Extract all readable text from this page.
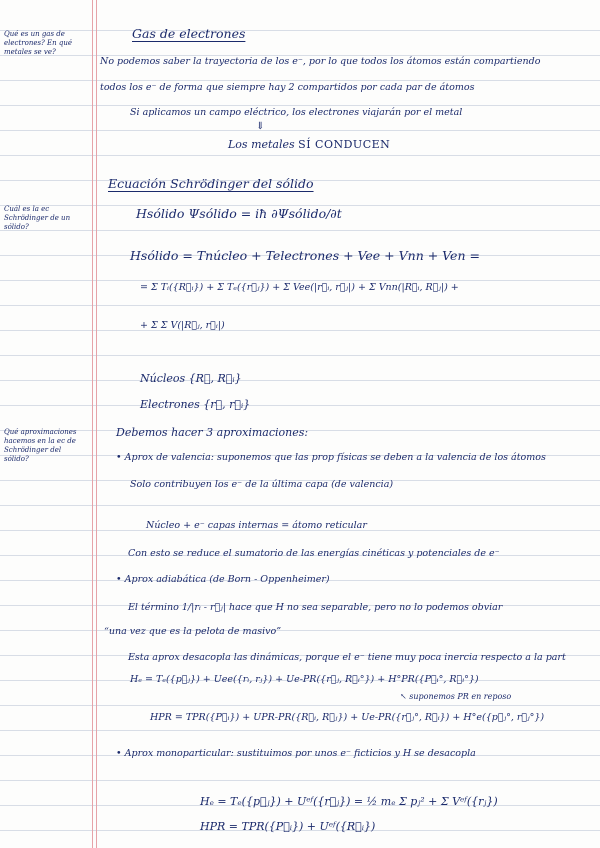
Qué es un gas de electrones? En qué metales se ve?
Cuál es la ec Schrödinger de un sólido?
Qué aproximaciones hacemos en la ec de Schrödinger del sólido?
Gas de electrones
No podemos saber la trayectoria de los e⁻, por lo que todos los átomos están compartiendo
todos los e⁻ de forma que siempre hay 2 compartidos por cada par de átomos
Si aplicamos un campo eléctrico, los electrones viajarán por el metal
⇓
Los metales SÍ CONDUCEN
Ecuación Schrödinger del sólido
Hsólido Ψsólido = iħ ∂Ψsólido/∂t
Hsólido = Tnúcleo + Telectrones + Vee + Vnn + Ven =
= Σ Tᵢ({R⃗ᵢ}) + Σ Tₑ({r⃗ⱼ}) + Σ Vee(|r⃗ᵢ, r⃗ⱼ|) + Σ Vnn(|R⃗ᵢ, R⃗ⱼ|) +
+ Σ Σ V(|R⃗ⱼ, r⃗ᵢ|)
Núcleos {R⃗, R⃗ᵢ}
Electrones {r⃗, r⃗ᵢ}
Debemos hacer 3 aproximaciones:
• Aprox de valencia: suponemos que las prop físicas se deben a la valencia de los átomos
Solo contribuyen los e⁻ de la última capa (de valencia)
Núcleo + e⁻ capas internas = átomo reticular
Con esto se reduce el sumatorio de las energías cinéticas y potenciales de e⁻
• Aprox adiabática (de Born - Oppenheimer)
El término 1/|rᵢ - r⃗ⱼ| hace que H no sea separable, pero no lo podemos obviar
“una vez que es la pelota de masivo”
Esta aprox desacopla las dinámicas, porque el e⁻ tiene muy poca inercia respecto a la part
Hₑ = Tₑ({p⃗ⱼ}) + Uee({rᵢ, rⱼ}) + Ue-PR({r⃗ⱼ, R⃗ᵢ°}) + H°PR({P⃗ᵢ°, R⃗ᵢ°})
↖ suponemos PR en reposo
HPR = TPR({P⃗ᵢ}) + UPR-PR({R⃗ᵢ, R⃗ⱼ}) + Ue-PR({r⃗ⱼ°, R⃗ᵢ}) + H°e({p⃗ⱼ°, r⃗ⱼ°})
• Aprox monoparticular: sustituimos por unos e⁻ ficticios y H se desacopla
Hₑ = Tₑ({p⃗ⱼ}) + Uᵉᶠ({r⃗ⱼ}) = ½ mₑ Σ pⱼ² + Σ Vᵉᶠ({rⱼ})
HPR = TPR({P⃗ᵢ}) + Uᵉᶠ({R⃗ᵢ})
